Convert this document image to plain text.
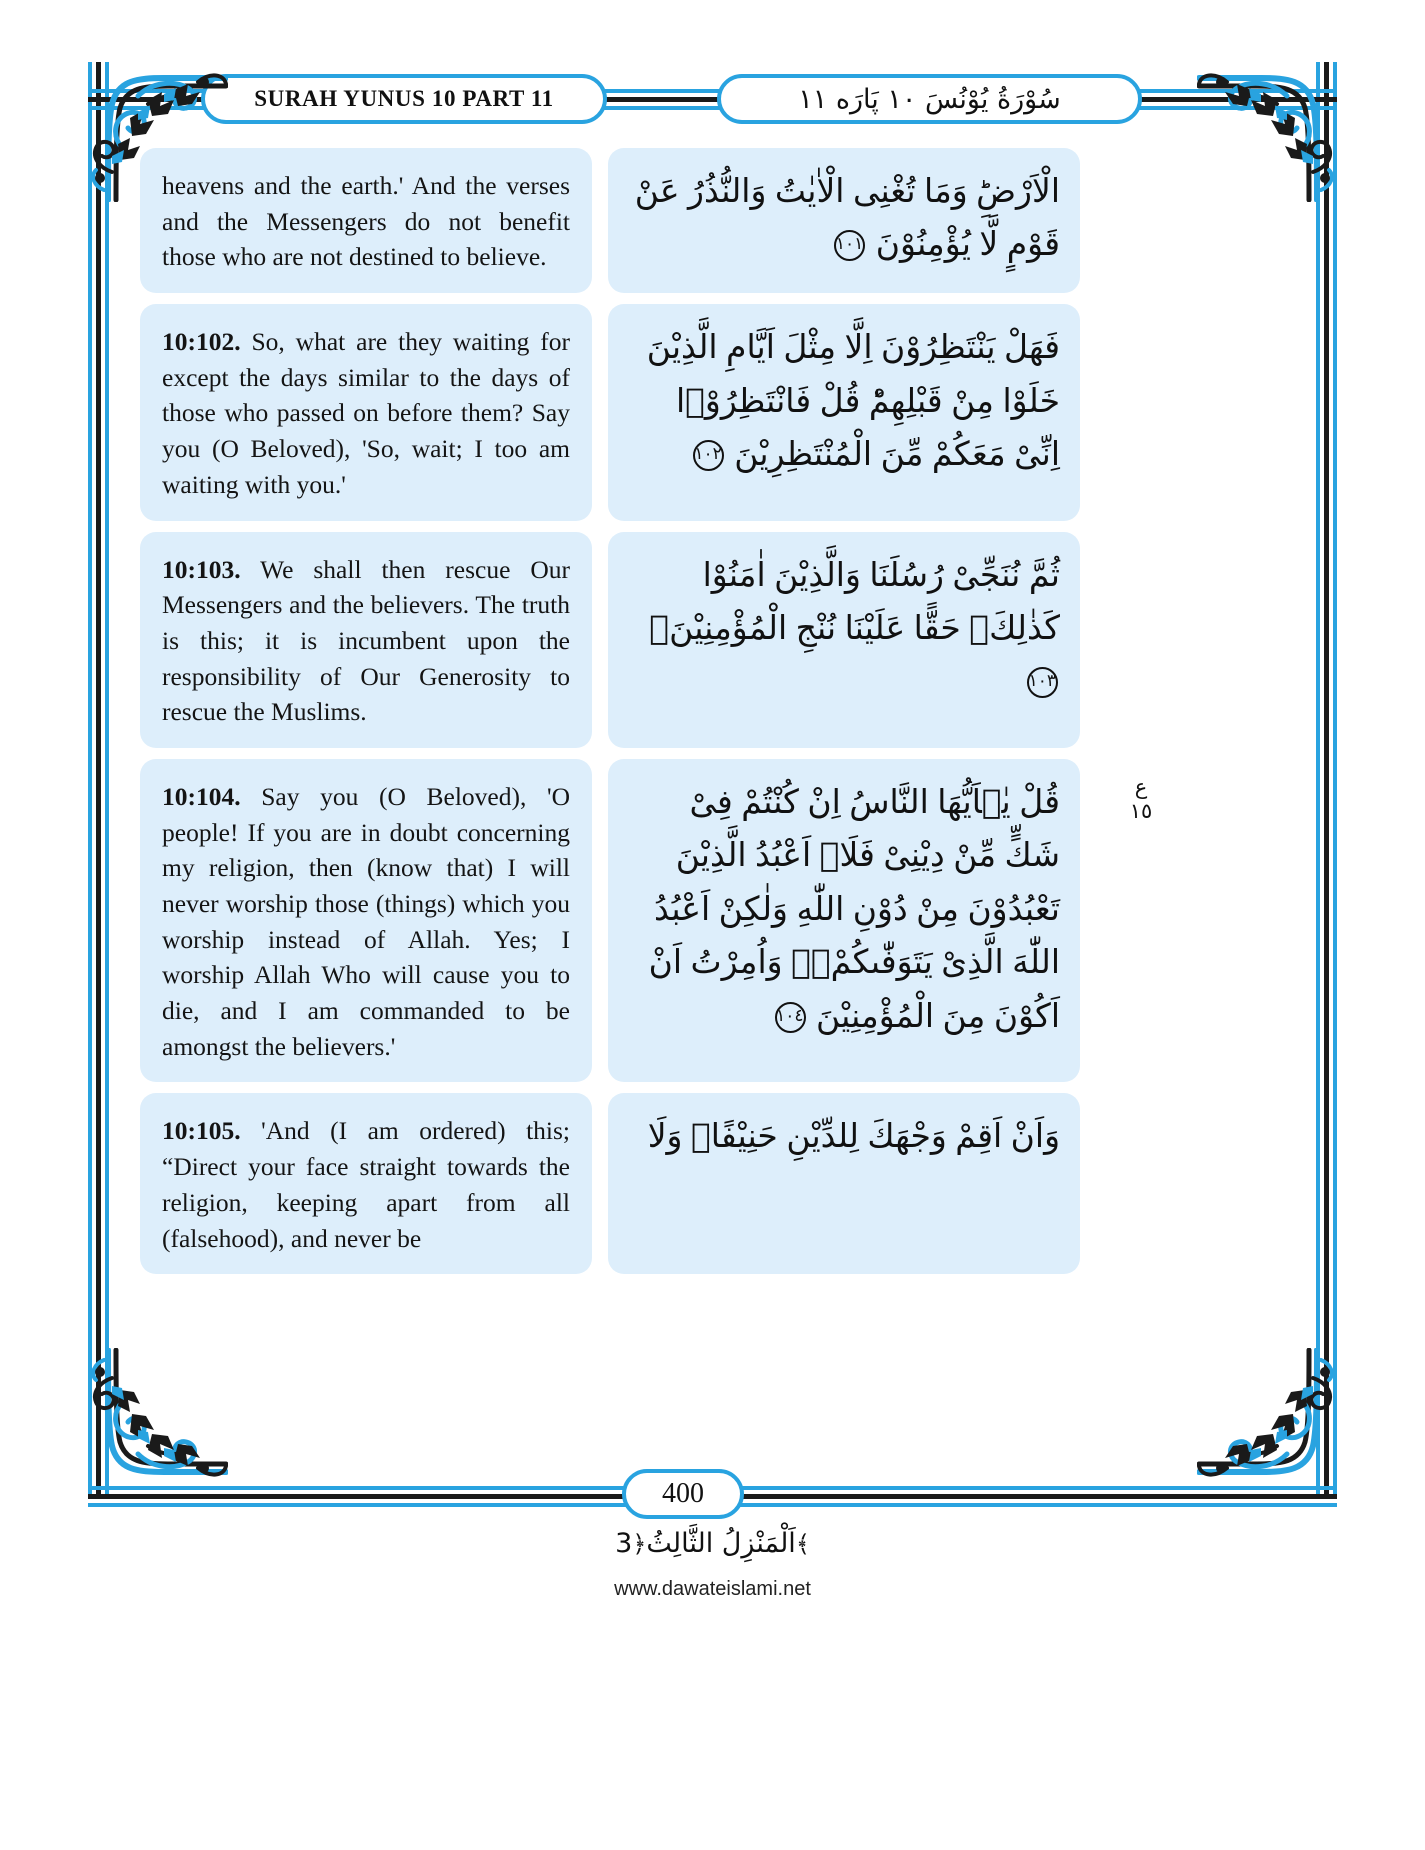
SURAH YUNUS 10 PART 11	سُوْرَةُ يُوْنُسَ ١٠ پَارَه ١١
heavens and the earth.' And the verses and the Messengers do not benefit those who are not destined to believe.
الْاَرْضِؕ وَمَا تُغْنِی الْاٰیٰتُ وَالنُّذُرُ عَنْ قَوْمٍ لَّا یُؤْمِنُوْنَ ١٠١
10:102. So, what are they waiting for except the days similar to the days of those who passed on before them? Say you (O Beloved), 'So, wait; I too am waiting with you.'
فَهَلْ یَنْتَظِرُوْنَ اِلَّا مِثْلَ اَیَّامِ الَّذِیْنَ خَلَوْا مِنْ قَبْلِهِمْؕ قُلْ فَانْتَظِرُوْۤا اِنِّیْ مَعَكُمْ مِّنَ الْمُنْتَظِرِیْنَ ١٠٢
10:103. We shall then rescue Our Messengers and the believers. The truth is this; it is incumbent upon the responsibility of Our Generosity to rescue the Muslims.
ثُمَّ نُنَجِّیْ رُسُلَنَا وَالَّذِیْنَ اٰمَنُوْا كَذٰلِكَۚ حَقًّا عَلَیْنَا نُنْجِ الْمُؤْمِنِیْنَ۠ ١٠٣
10:104. Say you (O Beloved), 'O people! If you are in doubt concerning my religion, then (know that) I will never worship those (things) which you worship instead of Allah. Yes; I worship Allah Who will cause you to die, and I am commanded to be amongst the believers.'
قُلْ یٰۤاَیُّهَا النَّاسُ اِنْ كُنْتُمْ فِیْ شَكٍّ مِّنْ دِیْنِیْ فَلَاۤ اَعْبُدُ الَّذِیْنَ تَعْبُدُوْنَ مِنْ دُوْنِ اللّٰهِ وَلٰكِنْ اَعْبُدُ اللّٰهَ الَّذِیْ یَتَوَفّٰىكُمْۖۚ وَاُمِرْتُ اَنْ اَكُوْنَ مِنَ الْمُؤْمِنِیْنَ ١٠٤
10:105. 'And (I am ordered) this; “Direct your face straight towards the religion, keeping apart from all (falsehood), and never be
وَاَنْ اَقِمْ وَجْهَكَ لِلدِّیْنِ حَنِیْفًاۚ وَلَا
ع
١٥
400
اَلْمَنْزِلُ الثَّالِثُ﴿3	﴾
www.dawateislami.net
